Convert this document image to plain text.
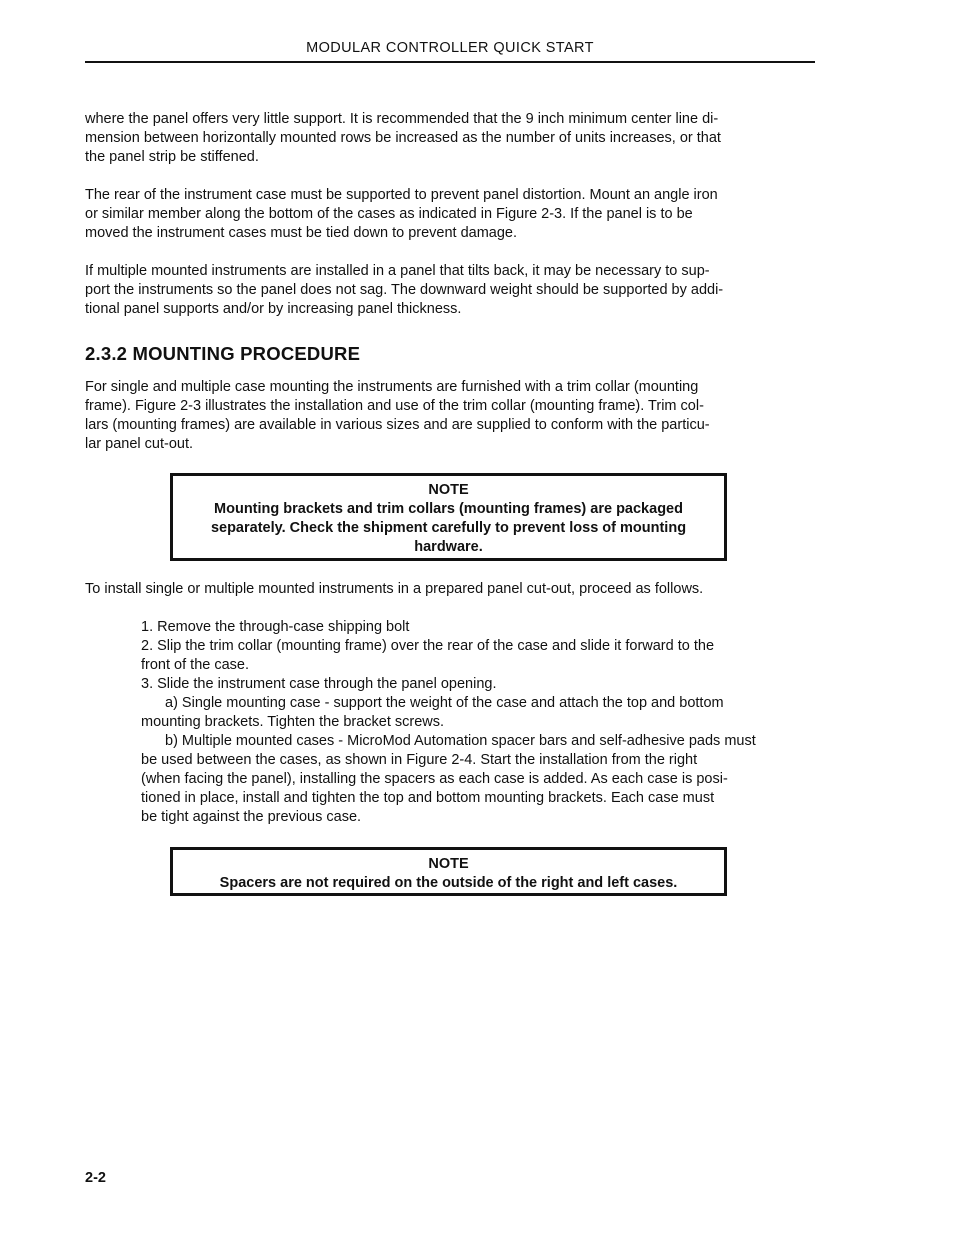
MODULAR CONTROLLER QUICK START
where the panel offers very little support. It is recommended that the 9 inch minimum center line di-
mension between horizontally mounted rows be increased as the number of units increases, or that
the panel strip be stiffened.
The rear of the instrument case must be supported to prevent panel distortion. Mount an angle iron
or similar member along the bottom of the cases as indicated in Figure 2-3. If the panel is to be
moved the instrument cases must be tied down to prevent damage.
If multiple mounted instruments are installed in a panel that tilts back, it may be necessary to sup-
port the instruments so the panel does not sag. The downward weight should be supported by addi-
tional panel supports and/or by increasing panel thickness.
2.3.2 MOUNTING PROCEDURE
For single and multiple case mounting the instruments are furnished with a trim collar (mounting
frame). Figure 2-3 illustrates the installation and use of the trim collar (mounting frame). Trim col-
lars (mounting frames) are available in various sizes and are supplied to conform with the particu-
lar panel cut-out.
NOTE
Mounting brackets and trim collars (mounting frames) are packaged
separately. Check the shipment carefully to prevent loss of mounting
hardware.
To install single or multiple mounted instruments in a prepared panel cut-out, proceed as follows.
1. Remove the through-case shipping bolt
2. Slip the trim collar (mounting frame) over the rear of the case and slide it forward to the
front of the case.
3. Slide the instrument case through the panel opening.
a) Single mounting case - support the weight of the case and attach the top and bottom
mounting brackets. Tighten the bracket screws.
b) Multiple mounted cases - MicroMod Automation spacer bars and self-adhesive pads must
be used between the cases, as shown in Figure 2-4. Start the installation from the right
(when facing the panel), installing the spacers as each case is added. As each case is posi-
tioned in place, install and tighten the top and bottom mounting brackets. Each case must
be tight against the previous case.
NOTE
Spacers are not required on the outside of the right and left cases.
2-2
